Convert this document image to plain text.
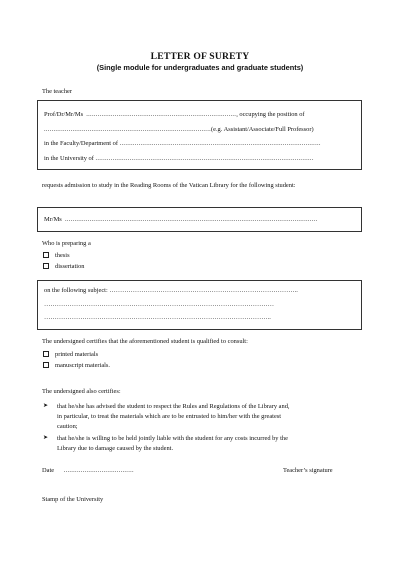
LETTER OF SURETY
(Single module for undergraduates and graduate students)
The teacher
Prof/Dr/Mr/Ms ..............................................................................., occupying the position of
........................................................................................(e.g. Assistant/Associate/Full Professor)
in the Faculty/Department of ..........................................................................................................
in the University of ...................................................................................................................
requests admission to study in the Reading Rooms of the Vatican Library for the following student:
Mr/Ms .....................................................................................................................................
Who is preparing a
thesis
dissertation
on the following subject: ……………………………………………………………………………..
………………………………………………………………………………………………
……………………………………………………………………………………………..
The undersigned certifies that the aforementioned student is qualified to consult:
printed materials
manuscript materials.
The undersigned also certifies:
➤ that he/she has advised the student to respect the Rules and Regulations of the Library and,
in particular, to treat the materials which are to be entrusted to him/her with the greatest
caution;
➤ that he/she is willing to be held jointly liable with the student for any costs incurred by the
Library due to damage caused by the student.
Date .....................................	Teacher’s signature
Stamp of the University
